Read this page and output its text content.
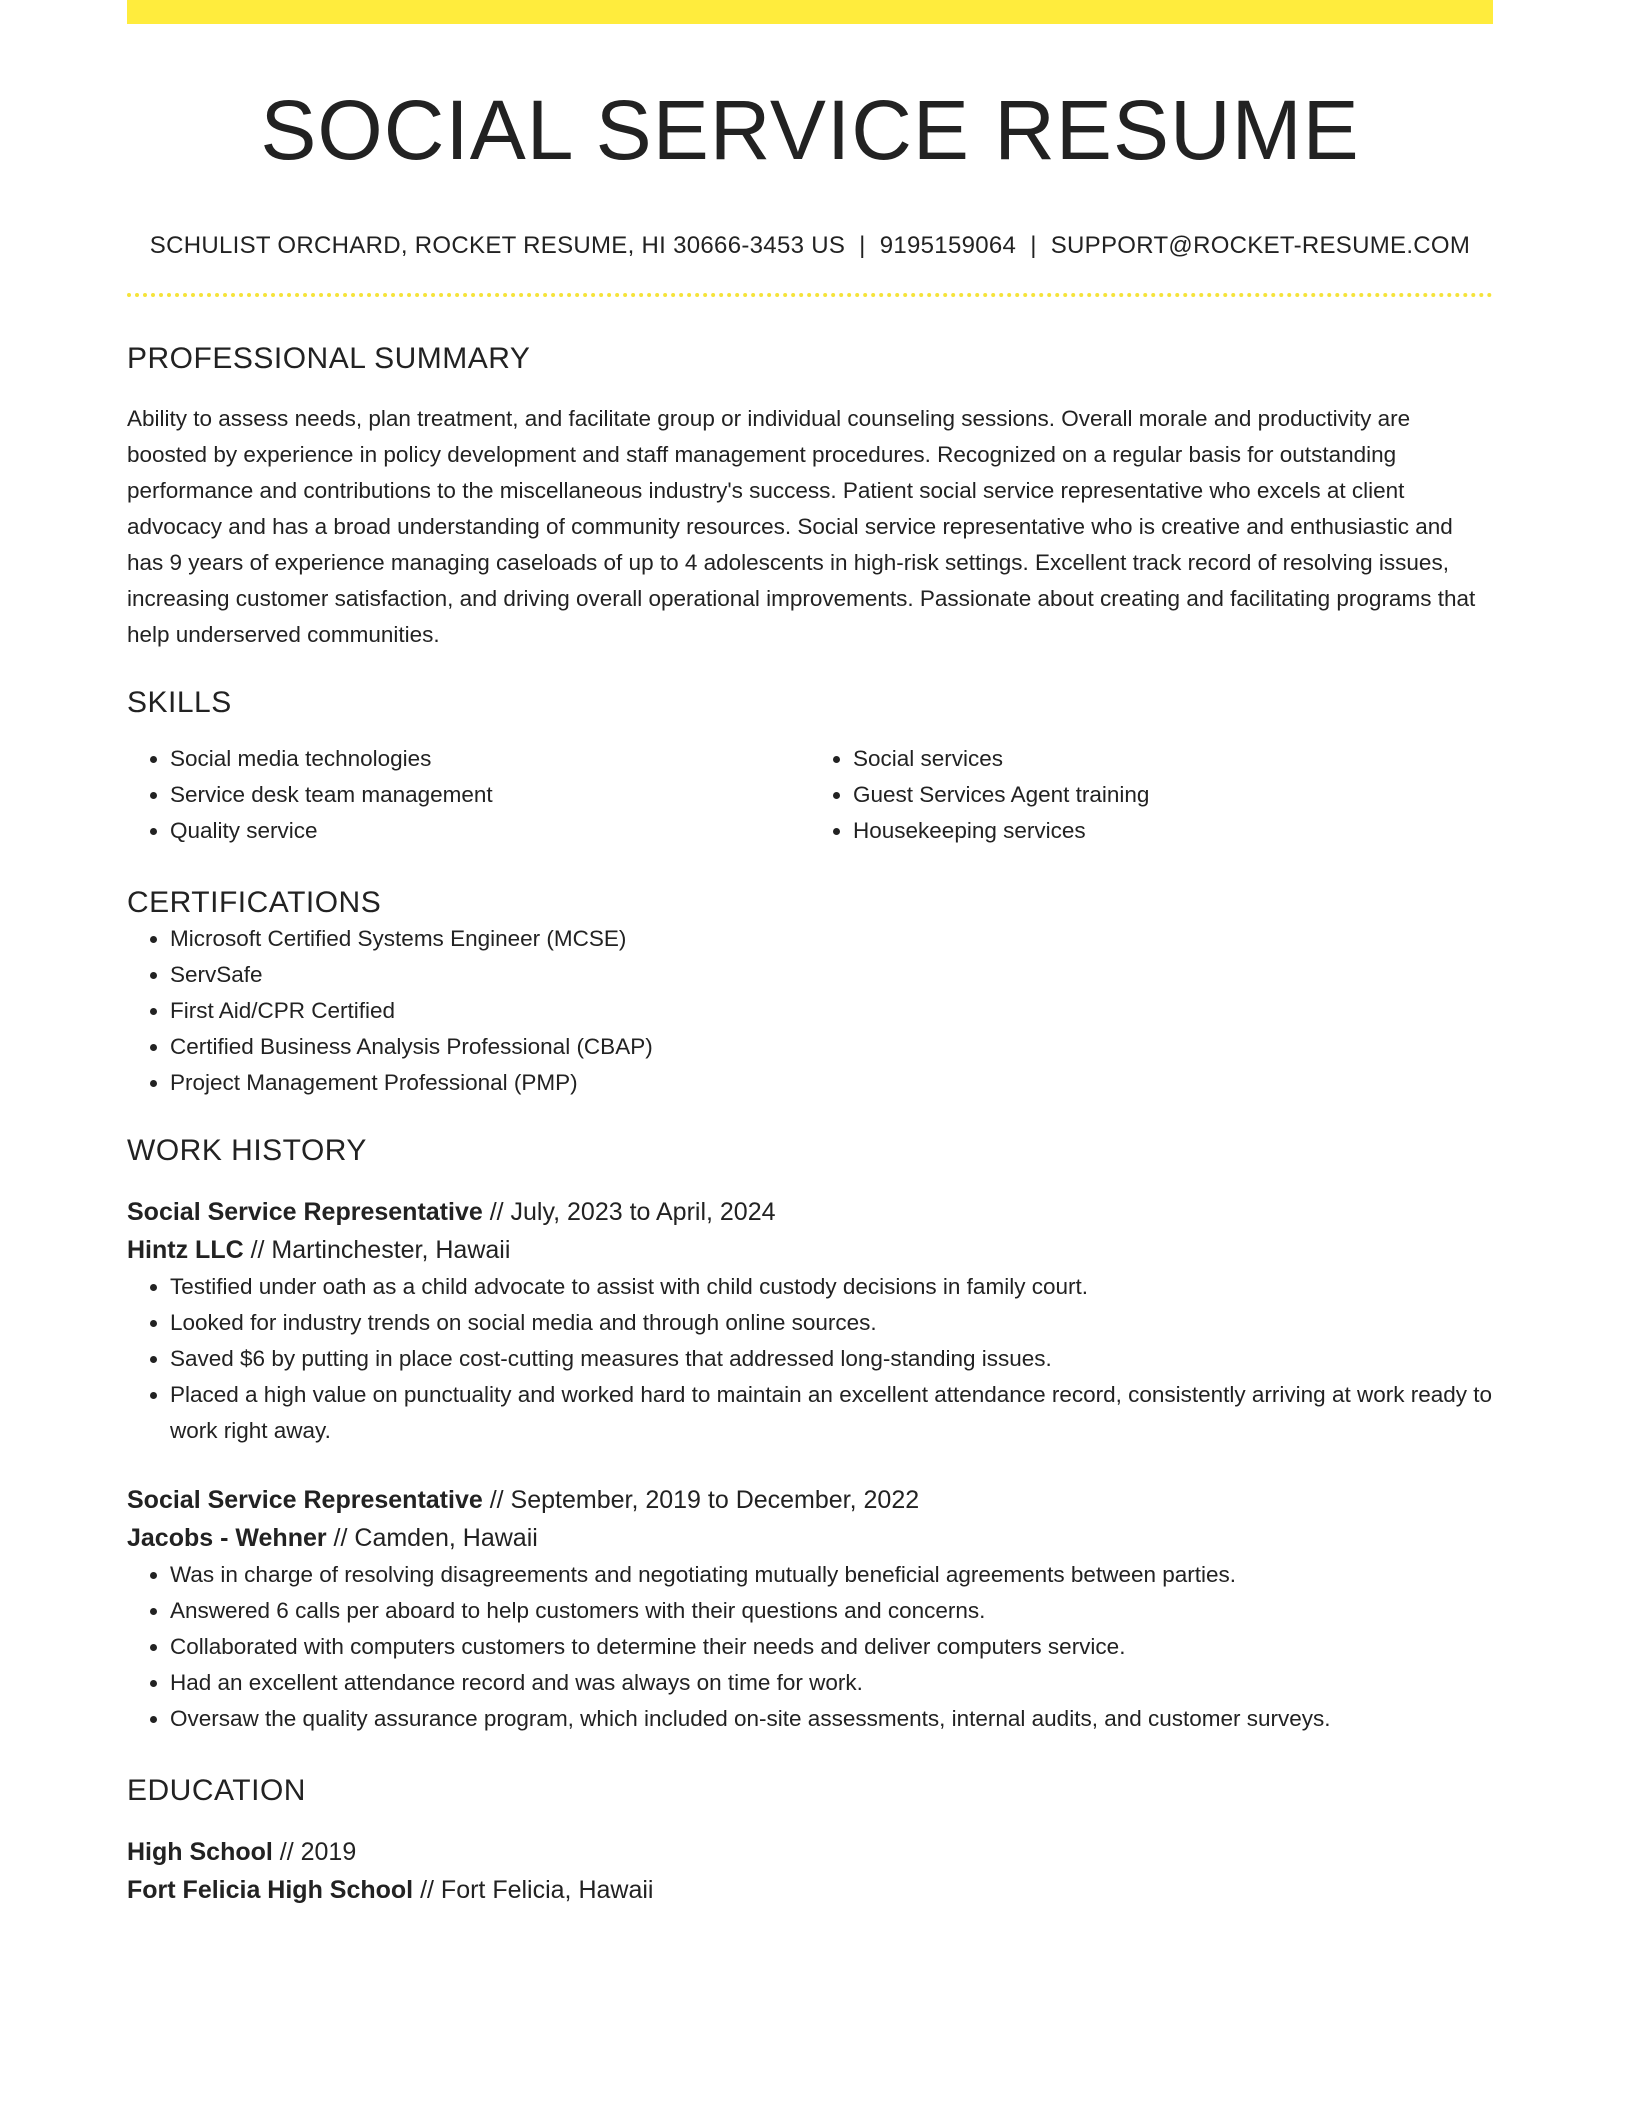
SOCIAL SERVICE RESUME
SCHULIST ORCHARD, ROCKET RESUME, HI 30666-3453 US | 9195159064 | SUPPORT@ROCKET-RESUME.COM
PROFESSIONAL SUMMARY

Ability to assess needs, plan treatment, and facilitate group or individual counseling sessions. Overall morale and productivity are boosted by experience in policy development and staff management procedures. Recognized on a regular basis for outstanding performance and contributions to the miscellaneous industry's success. Patient social service representative who excels at client advocacy and has a broad understanding of community resources. Social service representative who is creative and enthusiastic and has 9 years of experience managing caseloads of up to 4 adolescents in high-risk settings. Excellent track record of resolving issues, increasing customer satisfaction, and driving overall operational improvements. Passionate about creating and facilitating programs that help underserved communities.

SKILLS
• Social media technologies
• Service desk team management
• Quality service
• Social services
• Guest Services Agent training
• Housekeeping services
CERTIFICATIONS
• Microsoft Certified Systems Engineer (MCSE)
• ServSafe
• First Aid/CPR Certified
• Certified Business Analysis Professional (CBAP)
• Project Management Professional (PMP)
WORK HISTORY
Social Service Representative // July, 2023 to April, 2024
Hintz LLC // Martinchester, Hawaii
• Testified under oath as a child advocate to assist with child custody decisions in family court.
• Looked for industry trends on social media and through online sources.
• Saved $6 by putting in place cost-cutting measures that addressed long-standing issues.
• Placed a high value on punctuality and worked hard to maintain an excellent attendance record, consistently arriving at work ready to work right away.
Social Service Representative // September, 2019 to December, 2022
Jacobs - Wehner // Camden, Hawaii
• Was in charge of resolving disagreements and negotiating mutually beneficial agreements between parties.
• Answered 6 calls per aboard to help customers with their questions and concerns.
• Collaborated with computers customers to determine their needs and deliver computers service.
• Had an excellent attendance record and was always on time for work.
• Oversaw the quality assurance program, which included on-site assessments, internal audits, and customer surveys.
EDUCATION
High School // 2019
Fort Felicia High School // Fort Felicia, Hawaii
